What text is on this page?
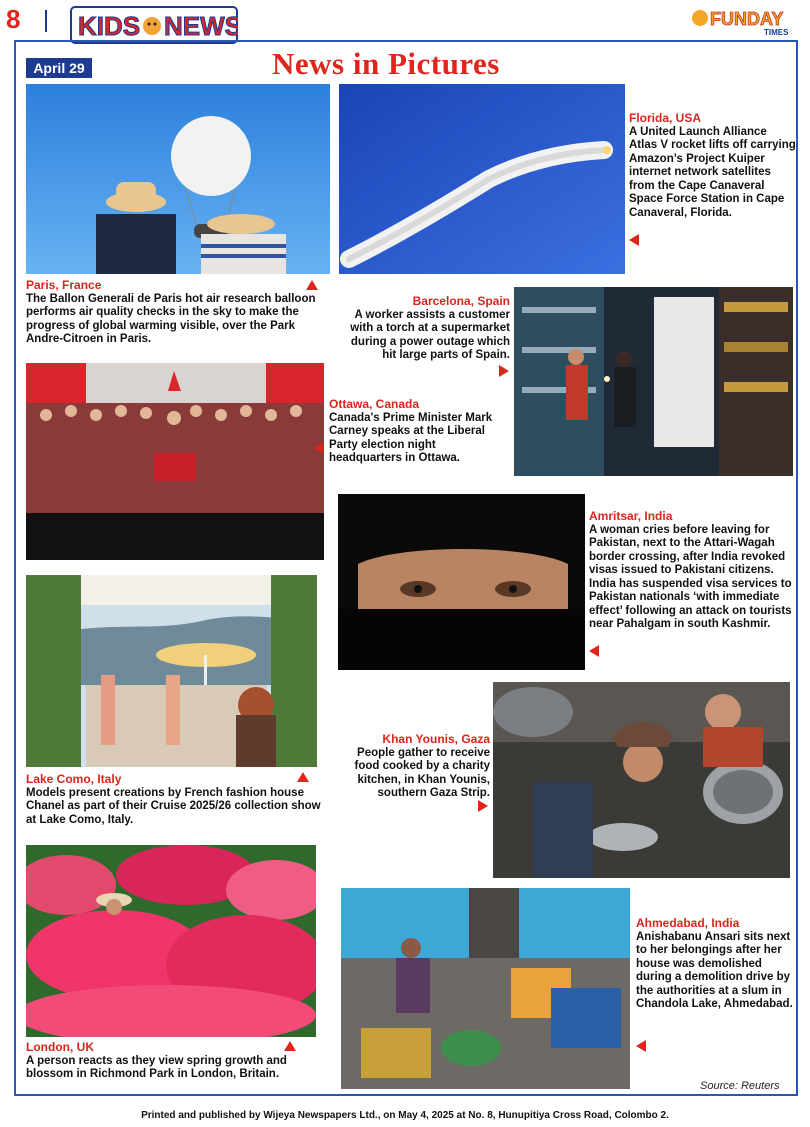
8 KIDS NEWS	FUNDAY
TIMES
April 29	News in Pictures
Paris, France
The Ballon Generali de Paris hot air research balloon performs air quality checks in the sky to make the progress of global warming visible, over the Park Andre-Citroen in Paris.
Florida, USA
A United Launch Alliance Atlas V rocket lifts off carrying Amazon’s Project Kuiper internet network satellites from the Cape Canaveral Space Force Station in Cape Canaveral, Florida.
Barcelona, Spain
A worker assists a customer with a torch at a supermarket during a power outage which hit large parts of Spain.
Ottawa, Canada
Canada's Prime Minister Mark Carney speaks at the Liberal Party election night headquarters in Ottawa.
Amritsar, India
A woman cries before leaving for Pakistan, next to the Attari-Wagah border crossing, after India revoked visas issued to Pakistani citizens. India has suspended visa services to Pakistan nationals ‘with immediate effect’ following an attack on tourists near Pahalgam in south Kashmir.
Lake Como, Italy
Models present creations by French fashion house Chanel as part of their Cruise 2025/26 collection show at Lake Como, Italy.
Khan Younis, Gaza
People gather to receive food cooked by a charity kitchen, in Khan Younis, southern Gaza Strip.
London, UK
A person reacts as they view spring growth and blossom in Richmond Park in London, Britain.
Ahmedabad, India
Anishabanu Ansari sits next to her belongings after her house was demolished during a demolition drive by the authorities at a slum in Chandola Lake, Ahmedabad.
Source: Reuters
Printed and published by Wijeya Newspapers Ltd., on May 4, 2025 at No. 8, Hunupitiya Cross Road, Colombo 2.
